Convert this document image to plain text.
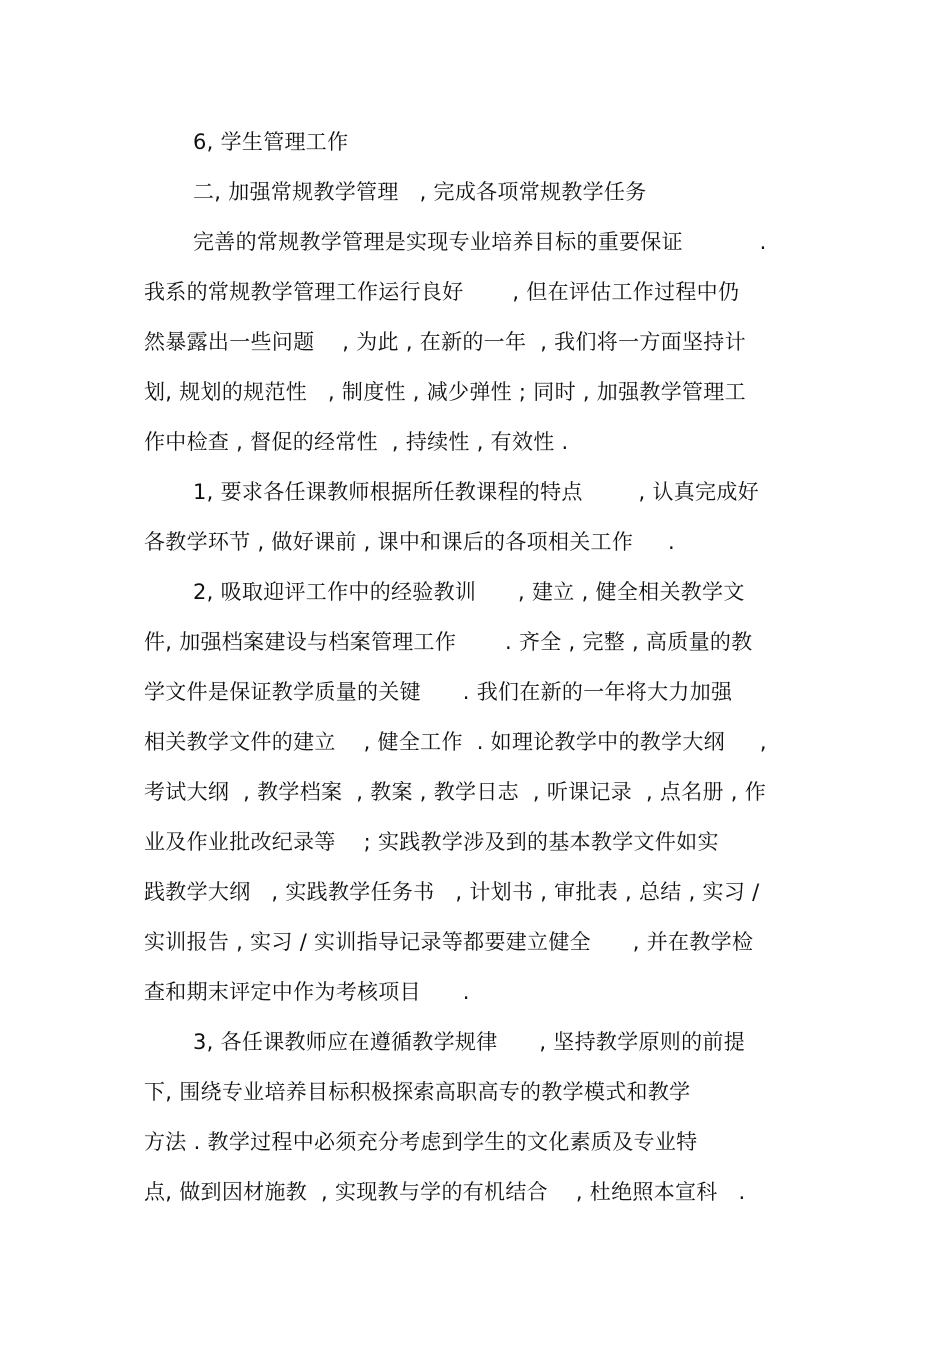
6, 学生管理工作
二, 加强常规教学管理   , 完成各项常规教学任务
完善的常规教学管理是实现专业培养目标的重要保证           .
我系的常规教学管理工作运行良好       , 但在评估工作过程中仍
然暴露出一些问题    , 为此 , 在新的一年  , 我们将一方面坚持计
划, 规划的规范性   , 制度性 , 减少弹性 ; 同时 , 加强教学管理工
作中检查 , 督促的经常性  , 持续性 , 有效性 .
1, 要求各任课教师根据所任教课程的特点        , 认真完成好
各教学环节 , 做好课前 , 课中和课后的各项相关工作     .
2, 吸取迎评工作中的经验教训      , 建立 , 健全相关教学文
件, 加强档案建设与档案管理工作       . 齐全 , 完整 , 高质量的教
学文件是保证教学质量的关键      . 我们在新的一年将大力加强
相关教学文件的建立    , 健全工作  . 如理论教学中的教学大纲     ,
考试大纲  , 教学档案  , 教案 , 教学日志  , 听课记录  , 点名册 , 作
业及作业批改纪录等    ; 实践教学涉及到的基本教学文件如实
践教学大纲   , 实践教学任务书   , 计划书 , 审批表 , 总结 , 实习 /
实训报告 , 实习 / 实训指导记录等都要建立健全      , 并在教学检
查和期末评定中作为考核项目      .
3, 各任课教师应在遵循教学规律      , 坚持教学原则的前提
下, 围绕专业培养目标积极探索高职高专的教学模式和教学
方法 . 教学过程中必须充分考虑到学生的文化素质及专业特
点, 做到因材施教  , 实现教与学的有机结合    , 杜绝照本宣科   .
